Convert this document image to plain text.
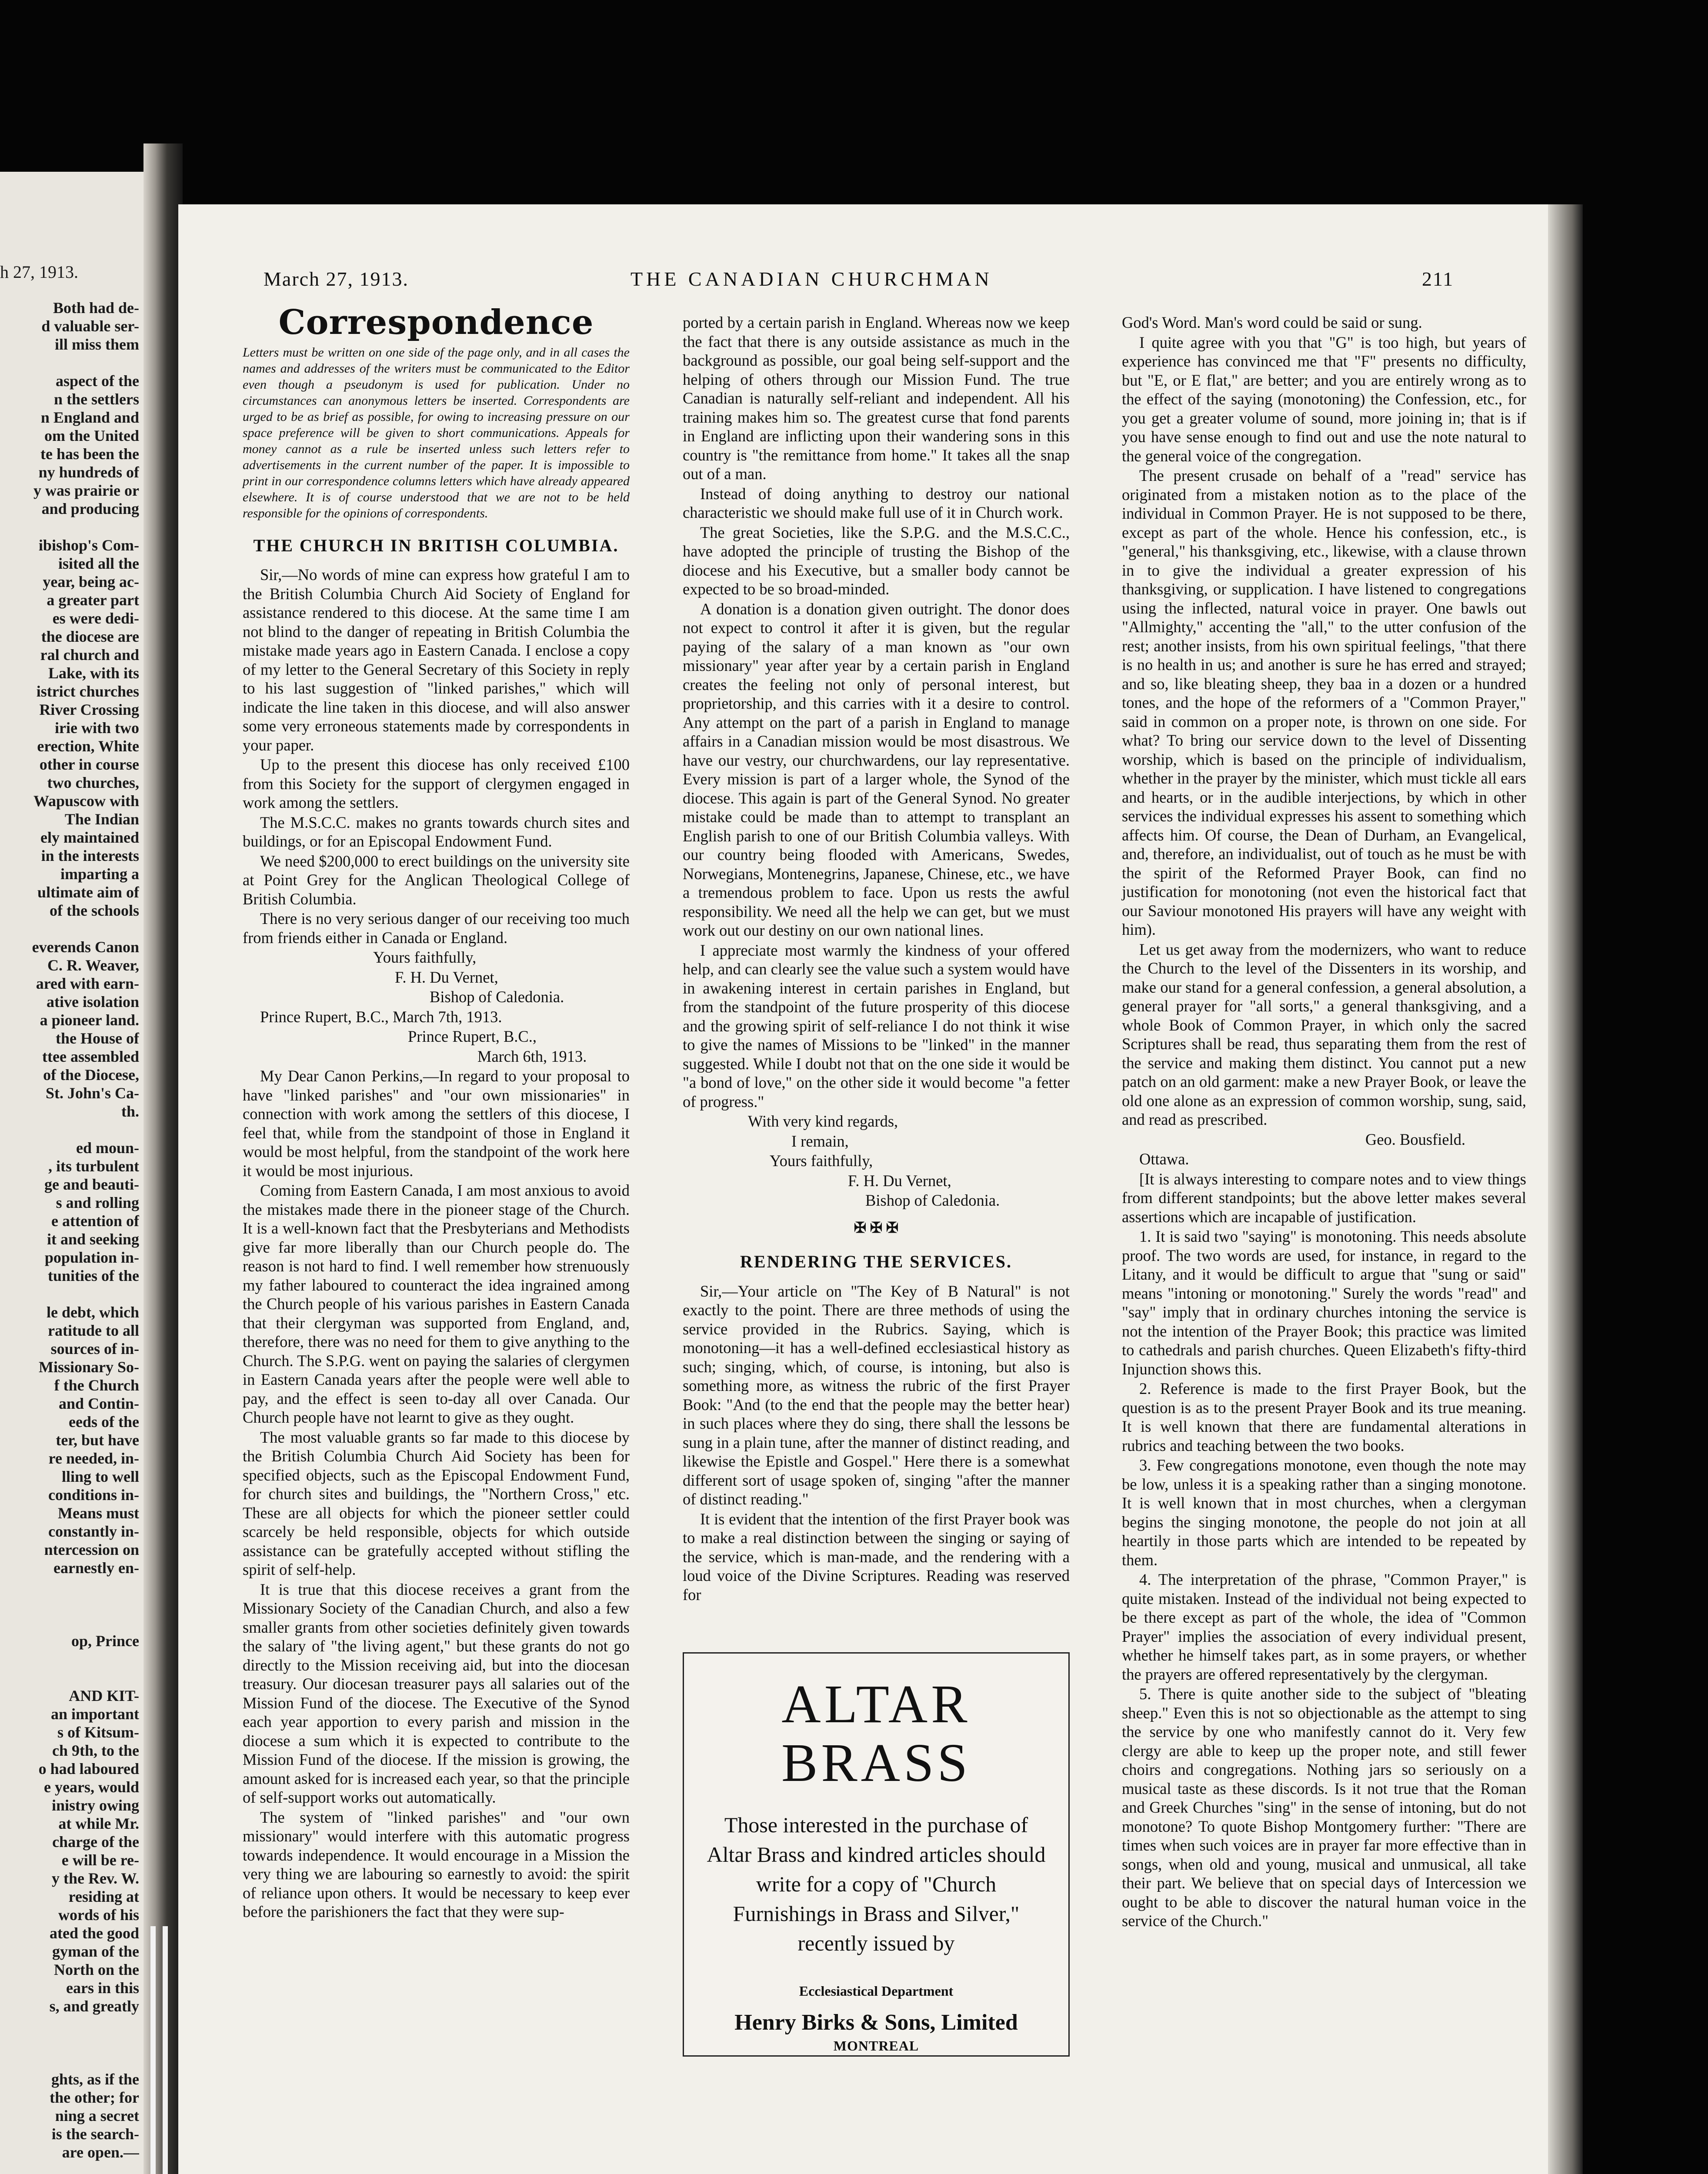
h 27, 1913.
Both had de-
d valuable ser-
ill miss them

aspect of the
n the settlers
n England and
om the United
te has been the
ny hundreds of
y was prairie or
and producing

ibishop's Com-
isited all the
year, being ac-
a greater part
es were dedi-
the diocese are
ral church and
Lake, with its
istrict churches
River Crossing
irie with two
erection, White
other in course
two churches,
Wapuscow with
The Indian
ely maintained
in the interests
imparting a
ultimate aim of
of the schools

everends Canon
C. R. Weaver,
ared with earn-
ative isolation
a pioneer land.
the House of
ttee assembled
of the Diocese,
St. John's Ca-
th.

ed moun-
, its turbulent
ge and beauti-
s and rolling
e attention of
it and seeking
population in-
tunities of the

le debt, which
ratitude to all
sources of in-
Missionary So-
f the Church
and Contin-
eeds of the
ter, but have
re needed, in-
lling to well
conditions in-
Means must
constantly in-
ntercession on
earnestly en-

op, Prince

AND KIT-
an important
s of Kitsum-
ch 9th, to the
o had laboured
e years, would
inistry owing
at while Mr.
charge of the
e will be re-
y the Rev. W.
residing at
words of his
ated the good
gyman of the
North on the
ears in this
s, and greatly

ghts, as if the
the other; for
ning a secret
is the search-
are open.—
March 27, 1913.	THE CANADIAN CHURCHMAN	211
Correspondence

Letters must be written on one side of the page only, and in all cases the names and addresses of the writers must be communicated to the Editor even though a pseudonym is used for publication. Under no circumstances can anonymous letters be inserted. Correspondents are urged to be as brief as possible, for owing to increasing pressure on our space preference will be given to short communications. Appeals for money cannot as a rule be inserted unless such letters refer to advertisements in the current number of the paper. It is impossible to print in our correspondence columns letters which have already appeared elsewhere. It is of course understood that we are not to be held responsible for the opinions of correspondents.

THE CHURCH IN BRITISH COLUMBIA.

Sir,—No words of mine can express how grateful I am to the British Columbia Church Aid Society of England for assistance rendered to this diocese. At the same time I am not blind to the danger of repeating in British Columbia the mistake made years ago in Eastern Canada. I enclose a copy of my letter to the General Secretary of this Society in reply to his last suggestion of "linked parishes," which will indicate the line taken in this diocese, and will also answer some very erroneous statements made by correspondents in your paper.

Up to the present this diocese has only received £100 from this Society for the support of clergymen engaged in work among the settlers.

The M.S.C.C. makes no grants towards church sites and buildings, or for an Episcopal Endowment Fund.

We need $200,000 to erect buildings on the university site at Point Grey for the Anglican Theological College of British Columbia.

There is no very serious danger of our receiving too much from friends either in Canada or England.

Yours faithfully,

F. H. Du Vernet,

Bishop of Caledonia.

Prince Rupert, B.C., March 7th, 1913.

Prince Rupert, B.C.,

March 6th, 1913.

My Dear Canon Perkins,—In regard to your proposal to have "linked parishes" and "our own missionaries" in connection with work among the settlers of this diocese, I feel that, while from the standpoint of those in England it would be most helpful, from the standpoint of the work here it would be most injurious.

Coming from Eastern Canada, I am most anxious to avoid the mistakes made there in the pioneer stage of the Church. It is a well-known fact that the Presbyterians and Methodists give far more liberally than our Church people do. The reason is not hard to find. I well remember how strenuously my father laboured to counteract the idea ingrained among the Church people of his various parishes in Eastern Canada that their clergyman was supported from England, and, therefore, there was no need for them to give anything to the Church. The S.P.G. went on paying the salaries of clergymen in Eastern Canada years after the people were well able to pay, and the effect is seen to-day all over Canada. Our Church people have not learnt to give as they ought.

The most valuable grants so far made to this diocese by the British Columbia Church Aid Society has been for specified objects, such as the Episcopal Endowment Fund, for church sites and buildings, the "Northern Cross," etc. These are all objects for which the pioneer settler could scarcely be held responsible, objects for which outside assistance can be gratefully accepted without stifling the spirit of self-help.

It is true that this diocese receives a grant from the Missionary Society of the Canadian Church, and also a few smaller grants from other societies definitely given towards the salary of "the living agent," but these grants do not go directly to the Mission receiving aid, but into the diocesan treasury. Our diocesan treasurer pays all salaries out of the Mission Fund of the diocese. The Executive of the Synod each year apportion to every parish and mission in the diocese a sum which it is expected to contribute to the Mission Fund of the diocese. If the mission is growing, the amount asked for is increased each year, so that the principle of self-support works out automatically.

The system of "linked parishes" and "our own missionary" would interfere with this automatic progress towards independence. It would encourage in a Mission the very thing we are labouring so earnestly to avoid: the spirit of reliance upon others. It would be necessary to keep ever before the parishioners the fact that they were sup-

ported by a certain parish in England. Whereas now we keep the fact that there is any outside assistance as much in the background as possible, our goal being self-support and the helping of others through our Mission Fund. The true Canadian is naturally self-reliant and independent. All his training makes him so. The greatest curse that fond parents in England are inflicting upon their wandering sons in this country is "the remittance from home." It takes all the snap out of a man.

Instead of doing anything to destroy our national characteristic we should make full use of it in Church work.

The great Societies, like the S.P.G. and the M.S.C.C., have adopted the principle of trusting the Bishop of the diocese and his Executive, but a smaller body cannot be expected to be so broad-minded.

A donation is a donation given outright. The donor does not expect to control it after it is given, but the regular paying of the salary of a man known as "our own missionary" year after year by a certain parish in England creates the feeling not only of personal interest, but proprietorship, and this carries with it a desire to control. Any attempt on the part of a parish in England to manage affairs in a Canadian mission would be most disastrous. We have our vestry, our churchwardens, our lay representative. Every mission is part of a larger whole, the Synod of the diocese. This again is part of the General Synod. No greater mistake could be made than to attempt to transplant an English parish to one of our British Columbia valleys. With our country being flooded with Americans, Swedes, Norwegians, Montenegrins, Japanese, Chinese, etc., we have a tremendous problem to face. Upon us rests the awful responsibility. We need all the help we can get, but we must work out our destiny on our own national lines.

I appreciate most warmly the kindness of your offered help, and can clearly see the value such a system would have in awakening interest in certain parishes in England, but from the standpoint of the future prosperity of this diocese and the growing spirit of self-reliance I do not think it wise to give the names of Missions to be "linked" in the manner suggested. While I doubt not that on the one side it would be "a bond of love," on the other side it would become "a fetter of progress."

With very kind regards,

I remain,

Yours faithfully,

F. H. Du Vernet,

Bishop of Caledonia.

✠ ✠ ✠
RENDERING THE SERVICES.

Sir,—Your article on "The Key of B Natural" is not exactly to the point. There are three methods of using the service provided in the Rubrics. Saying, which is monotoning—it has a well-defined ecclesiastical history as such; singing, which, of course, is intoning, but also is something more, as witness the rubric of the first Prayer Book: "And (to the end that the people may the better hear) in such places where they do sing, there shall the lessons be sung in a plain tune, after the manner of distinct reading, and likewise the Epistle and Gospel." Here there is a somewhat different sort of usage spoken of, singing "after the manner of distinct reading."

It is evident that the intention of the first Prayer book was to make a real distinction between the singing or saying of the service, which is man-made, and the rendering with a loud voice of the Divine Scriptures. Reading was reserved for

ALTAR
BRASS
Those interested in the purchase of Altar Brass and kindred articles should write for a copy of "Church Furnishings in Brass and Silver," recently issued by
Ecclesiastical Department
Henry Birks & Sons, Limited
MONTREAL

God's Word. Man's word could be said or sung.

I quite agree with you that "G" is too high, but years of experience has convinced me that "F" presents no difficulty, but "E, or E flat," are better; and you are entirely wrong as to the effect of the saying (monotoning) the Confession, etc., for you get a greater volume of sound, more joining in; that is if you have sense enough to find out and use the note natural to the general voice of the congregation.

The present crusade on behalf of a "read" service has originated from a mistaken notion as to the place of the individual in Common Prayer. He is not supposed to be there, except as part of the whole. Hence his confession, etc., is "general," his thanksgiving, etc., likewise, with a clause thrown in to give the individual a greater expression of his thanksgiving, or supplication. I have listened to congregations using the inflected, natural voice in prayer. One bawls out "Allmighty," accenting the "all," to the utter confusion of the rest; another insists, from his own spiritual feelings, "that there is no health in us; and another is sure he has erred and strayed; and so, like bleating sheep, they baa in a dozen or a hundred tones, and the hope of the reformers of a "Common Prayer," said in common on a proper note, is thrown on one side. For what? To bring our service down to the level of Dissenting worship, which is based on the principle of individualism, whether in the prayer by the minister, which must tickle all ears and hearts, or in the audible interjections, by which in other services the individual expresses his assent to something which affects him. Of course, the Dean of Durham, an Evangelical, and, therefore, an individualist, out of touch as he must be with the spirit of the Reformed Prayer Book, can find no justification for monotoning (not even the historical fact that our Saviour monotoned His prayers will have any weight with him).

Let us get away from the modernizers, who want to reduce the Church to the level of the Dissenters in its worship, and make our stand for a general confession, a general absolution, a general prayer for "all sorts," a general thanksgiving, and a whole Book of Common Prayer, in which only the sacred Scriptures shall be read, thus separating them from the rest of the service and making them distinct. You cannot put a new patch on an old garment: make a new Prayer Book, or leave the old one alone as an expression of common worship, sung, said, and read as prescribed.

Geo. Bousfield.

Ottawa.

[It is always interesting to compare notes and to view things from different standpoints; but the above letter makes several assertions which are incapable of justification.

1. It is said two "saying" is monotoning. This needs absolute proof. The two words are used, for instance, in regard to the Litany, and it would be difficult to argue that "sung or said" means "intoning or monotoning." Surely the words "read" and "say" imply that in ordinary churches intoning the service is not the intention of the Prayer Book; this practice was limited to cathedrals and parish churches. Queen Elizabeth's fifty-third Injunction shows this.

2. Reference is made to the first Prayer Book, but the question is as to the present Prayer Book and its true meaning. It is well known that there are fundamental alterations in rubrics and teaching between the two books.

3. Few congregations monotone, even though the note may be low, unless it is a speaking rather than a singing monotone. It is well known that in most churches, when a clergyman begins the singing monotone, the people do not join at all heartily in those parts which are intended to be repeated by them.

4. The interpretation of the phrase, "Common Prayer," is quite mistaken. Instead of the individual not being expected to be there except as part of the whole, the idea of "Common Prayer" implies the association of every individual present, whether he himself takes part, as in some prayers, or whether the prayers are offered representatively by the clergyman.

5. There is quite another side to the subject of "bleating sheep." Even this is not so objectionable as the attempt to sing the service by one who manifestly cannot do it. Very few clergy are able to keep up the proper note, and still fewer choirs and congregations. Nothing jars so seriously on a musical taste as these discords. Is it not true that the Roman and Greek Churches "sing" in the sense of intoning, but do not monotone? To quote Bishop Montgomery further: "There are times when such voices are in prayer far more effective than in songs, when old and young, musical and unmusical, all take their part. We believe that on special days of Intercession we ought to be able to discover the natural human voice in the service of the Church."
